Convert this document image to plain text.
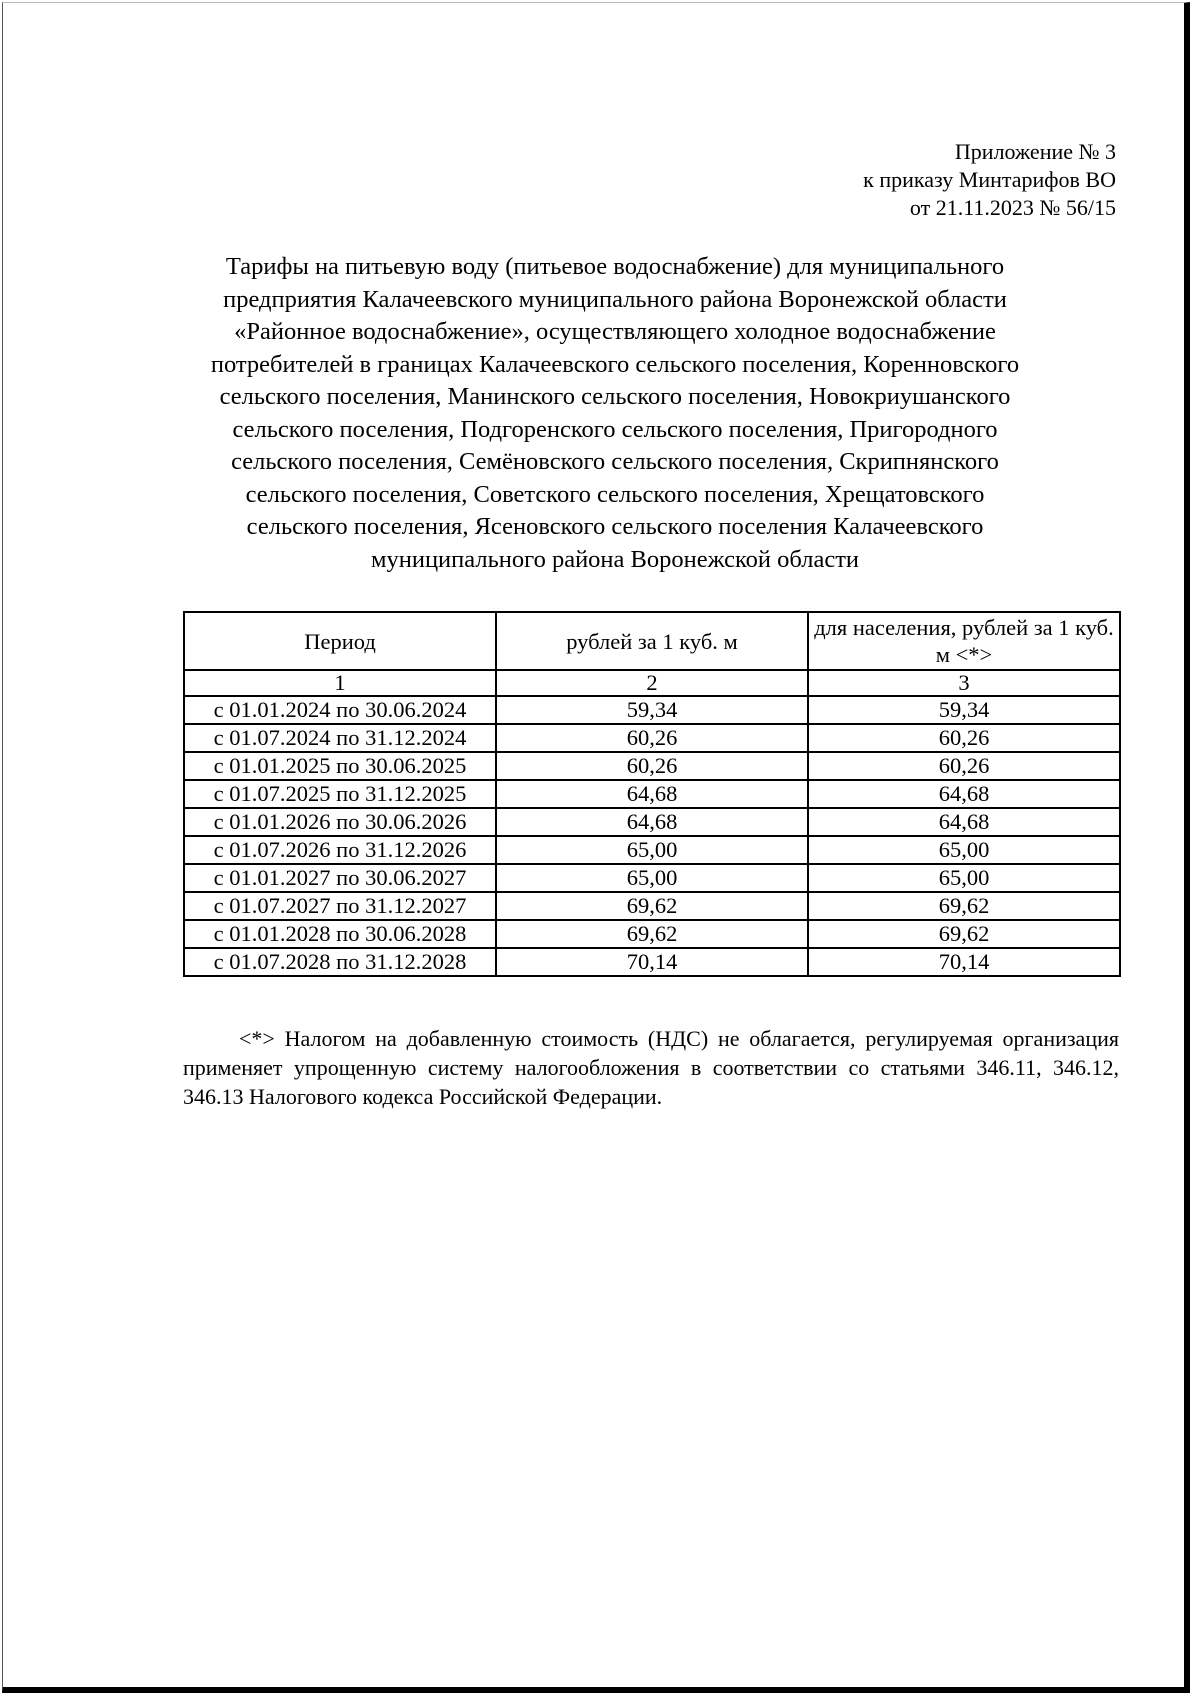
Приложение № 3
к приказу Минтарифов ВО
от 21.11.2023 № 56/15
Тарифы на питьевую воду (питьевое водоснабжение) для муниципального
предприятия Калачеевского муниципального района Воронежской области
«Районное водоснабжение», осуществляющего холодное водоснабжение
потребителей в границах Калачеевского сельского поселения, Коренновского
сельского поселения, Манинского сельского поселения, Новокриушанского
сельского поселения, Подгоренского сельского поселения, Пригородного
сельского поселения, Семёновского сельского поселения, Скрипнянского
сельского поселения, Советского сельского поселения, Хрещатовского
сельского поселения, Ясеновского сельского поселения Калачеевского
муниципального района Воронежской области
Период	рублей за 1 куб. м	для населения, рублей за 1 куб. м <*>
1	2	3
с 01.01.2024 по 30.06.2024	59,34	59,34
с 01.07.2024 по 31.12.2024	60,26	60,26
с 01.01.2025 по 30.06.2025	60,26	60,26
с 01.07.2025 по 31.12.2025	64,68	64,68
с 01.01.2026 по 30.06.2026	64,68	64,68
с 01.07.2026 по 31.12.2026	65,00	65,00
с 01.01.2027 по 30.06.2027	65,00	65,00
с 01.07.2027 по 31.12.2027	69,62	69,62
с 01.01.2028 по 30.06.2028	69,62	69,62
с 01.07.2028 по 31.12.2028	70,14	70,14
<*> Налогом на добавленную стоимость (НДС) не облагается, регулируемая организация применяет упрощенную систему налогообложения в соответствии со статьями 346.11, 346.12, 346.13 Налогового кодекса Российской Федерации.
